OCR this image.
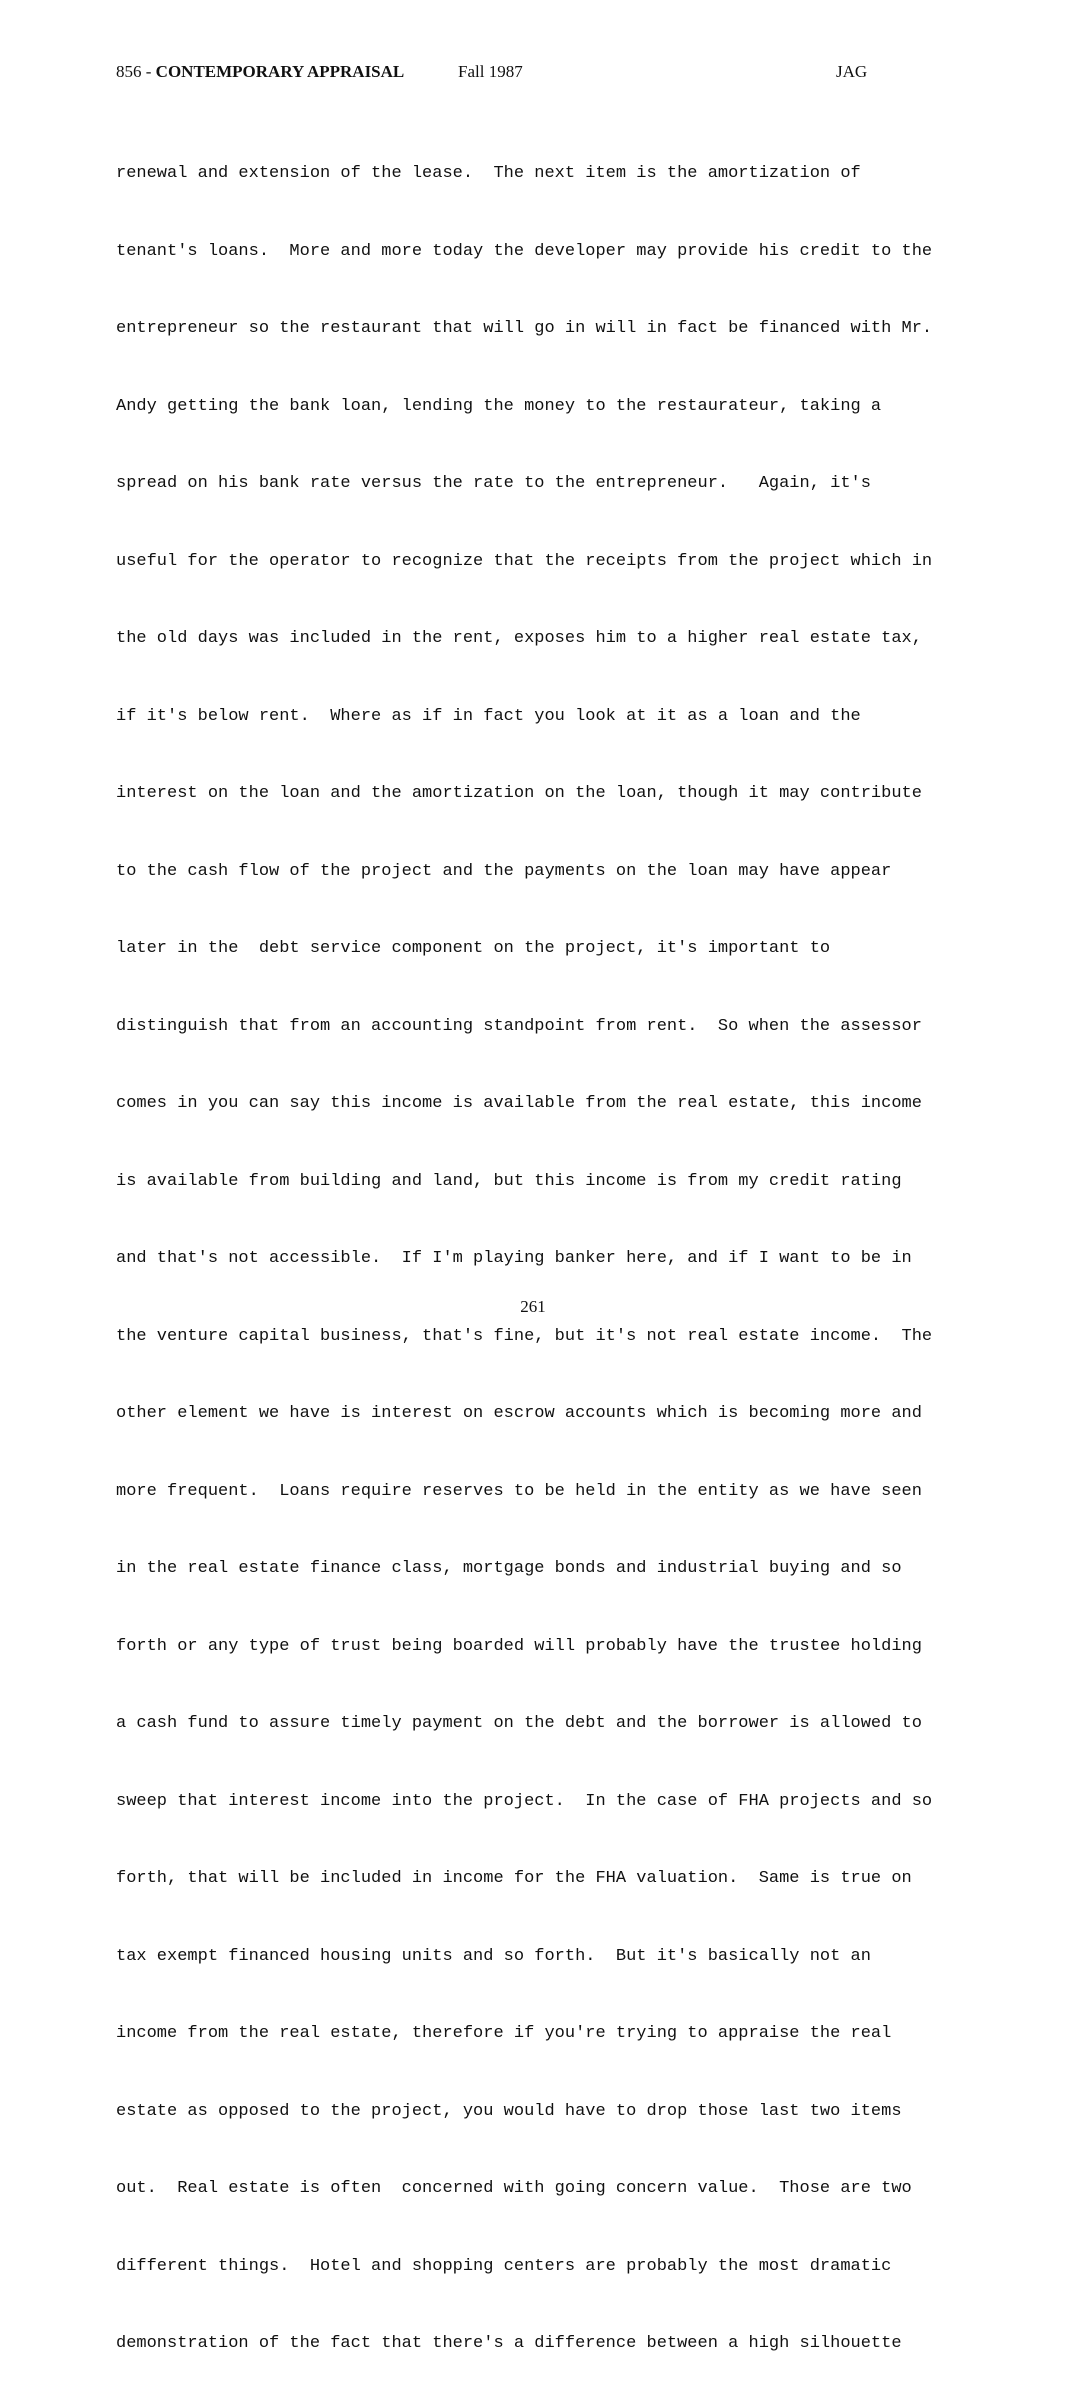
856 - CONTEMPORARY APPRAISAL	Fall 1987	JAG

renewal and extension of the lease.  The next item is the amortization of

tenant's loans.  More and more today the developer may provide his credit to the

entrepreneur so the restaurant that will go in will in fact be financed with Mr.

Andy getting the bank loan, lending the money to the restaurateur, taking a

spread on his bank rate versus the rate to the entrepreneur.   Again, it's

useful for the operator to recognize that the receipts from the project which in

the old days was included in the rent, exposes him to a higher real estate tax,

if it's below rent.  Where as if in fact you look at it as a loan and the

interest on the loan and the amortization on the loan, though it may contribute

to the cash flow of the project and the payments on the loan may have appear

later in the  debt service component on the project, it's important to

distinguish that from an accounting standpoint from rent.  So when the assessor

comes in you can say this income is available from the real estate, this income

is available from building and land, but this income is from my credit rating

and that's not accessible.  If I'm playing banker here, and if I want to be in

the venture capital business, that's fine, but it's not real estate income.  The

other element we have is interest on escrow accounts which is becoming more and

more frequent.  Loans require reserves to be held in the entity as we have seen

in the real estate finance class, mortgage bonds and industrial buying and so

forth or any type of trust being boarded will probably have the trustee holding

a cash fund to assure timely payment on the debt and the borrower is allowed to

sweep that interest income into the project.  In the case of FHA projects and so

forth, that will be included in income for the FHA valuation.  Same is true on

tax exempt financed housing units and so forth.  But it's basically not an

income from the real estate, therefore if you're trying to appraise the real

estate as opposed to the project, you would have to drop those last two items

out.  Real estate is often  concerned with going concern value.  Those are two

different things.  Hotel and shopping centers are probably the most dramatic

demonstration of the fact that there's a difference between a high silhouette

261
